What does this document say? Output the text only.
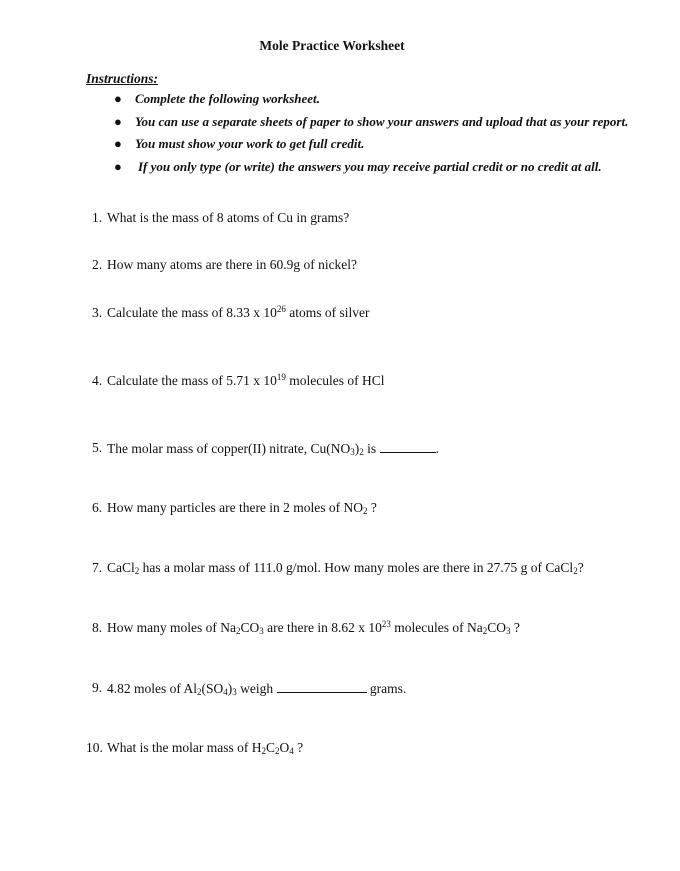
Mole Practice Worksheet
Instructions:
● Complete the following worksheet.
● You can use a separate sheets of paper to show your answers and upload that as your report.
● You must show your work to get full credit.
● If you only type (or write) the answers you may receive partial credit or no credit at all.
1. What is the mass of 8 atoms of Cu in grams?
2. How many atoms are there in 60.9g of nickel?
3. Calculate the mass of 8.33 x $10^{26}$ atoms of silver
4. Calculate the mass of 5.71 x $10^{19}$ molecules of HCl
5. The molar mass of copper(II) nitrate, $Cu(NO_3)_2$ is	.
6. How many particles are there in 2 moles of $NO_2$ ?
7. CaCl$_2$ has a molar mass of 111.0 g/mol. How many moles are there in 27.75 g of CaCl$_2$?
8. How many moles of $Na_2CO_3$ are there in 8.62 x $10^{23}$ molecules of $Na_2CO_3$ ?
9. 4.82 moles of $Al_2(SO_4)_3$ weigh	grams.
10. What is the molar mass of $H_2C_2O_4$ ?
